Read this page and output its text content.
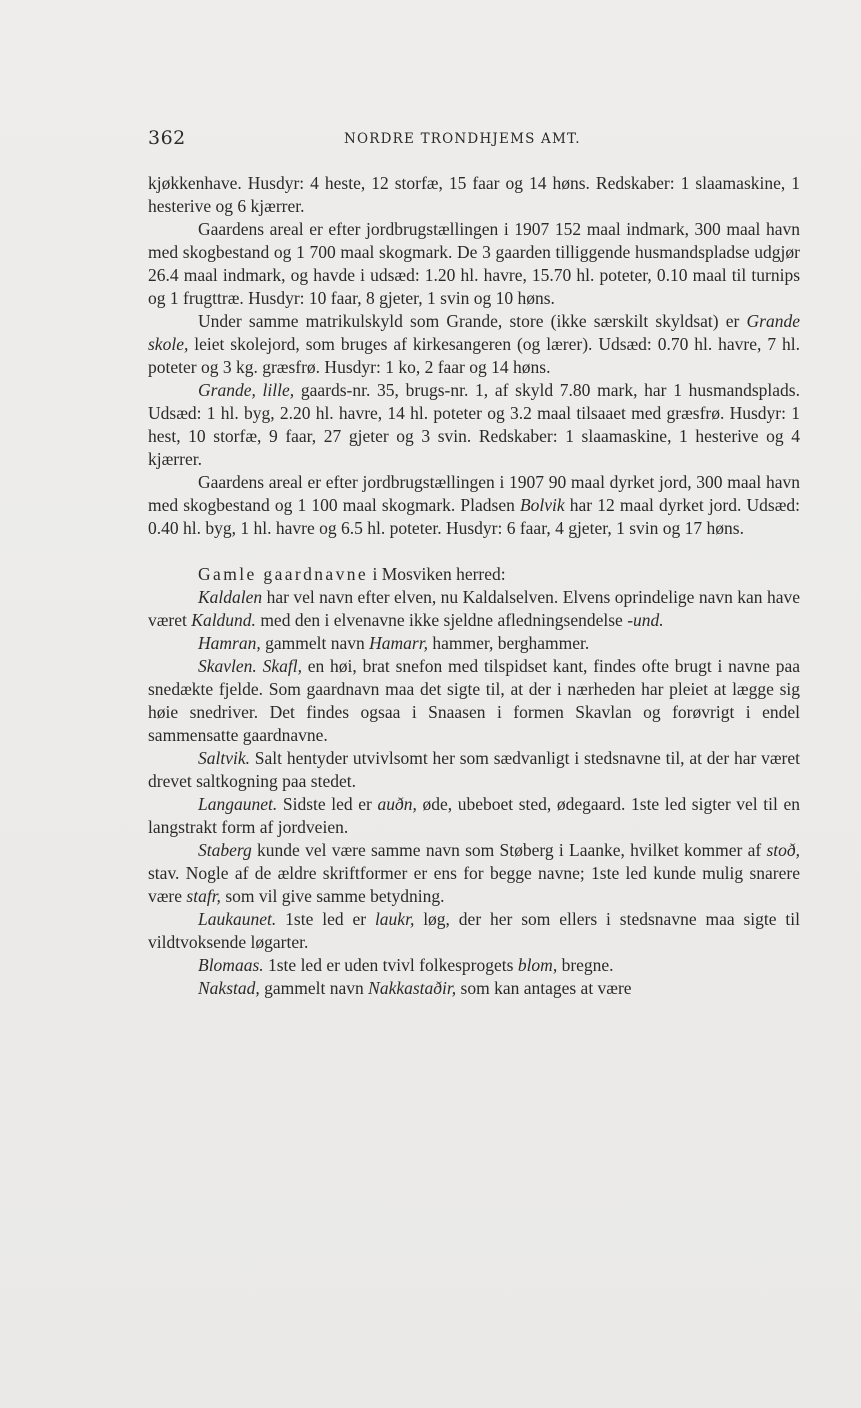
362	NORDRE TRONDHJEMS AMT.

kjøkkenhave. Husdyr: 4 heste, 12 storfæ, 15 faar og 14 høns. Redskaber: 1 slaamaskine, 1 hesterive og 6 kjærrer.

Gaardens areal er efter jordbrugstællingen i 1907 152 maal indmark, 300 maal havn med skogbestand og 1 700 maal skogmark. De 3 gaarden tilliggende husmandspladse udgjør 26.4 maal indmark, og havde i udsæd: 1.20 hl. havre, 15.70 hl. poteter, 0.10 maal til turnips og 1 frugttræ. Husdyr: 10 faar, 8 gjeter, 1 svin og 10 høns.

Under samme matrikulskyld som Grande, store (ikke særskilt skyldsat) er Grande skole, leiet skolejord, som bruges af kirkesangeren (og lærer). Udsæd: 0.70 hl. havre, 7 hl. poteter og 3 kg. græsfrø. Husdyr: 1 ko, 2 faar og 14 høns.

Grande, lille, gaards-nr. 35, brugs-nr. 1, af skyld 7.80 mark, har 1 husmandsplads. Udsæd: 1 hl. byg, 2.20 hl. havre, 14 hl. poteter og 3.2 maal tilsaaet med græsfrø. Husdyr: 1 hest, 10 storfæ, 9 faar, 27 gjeter og 3 svin. Redskaber: 1 slaamaskine, 1 hesterive og 4 kjærrer.

Gaardens areal er efter jordbrugstællingen i 1907 90 maal dyrket jord, 300 maal havn med skogbestand og 1 100 maal skogmark. Pladsen Bolvik har 12 maal dyrket jord. Udsæd: 0.40 hl. byg, 1 hl. havre og 6.5 hl. poteter. Husdyr: 6 faar, 4 gjeter, 1 svin og 17 høns.

Gamle gaardnavne i Mosviken herred:

Kaldalen har vel navn efter elven, nu Kaldalselven. Elvens oprindelige navn kan have været Kaldund. med den i elvenavne ikke sjeldne afledningsendelse -und.

Hamran, gammelt navn Hamarr, hammer, berghammer.

Skavlen. Skafl, en høi, brat snefon med tilspidset kant, findes ofte brugt i navne paa snedækte fjelde. Som gaardnavn maa det sigte til, at der i nærheden har pleiet at lægge sig høie snedriver. Det findes ogsaa i Snaasen i formen Skavlan og forøvrigt i endel sammensatte gaardnavne.

Saltvik. Salt hentyder utvivlsomt her som sædvanligt i stedsnavne til, at der har været drevet saltkogning paa stedet.

Langaunet. Sidste led er auðn, øde, ubeboet sted, ødegaard. 1ste led sigter vel til en langstrakt form af jordveien.

Staberg kunde vel være samme navn som Støberg i Laanke, hvilket kommer af stoð, stav. Nogle af de ældre skriftformer er ens for begge navne; 1ste led kunde mulig snarere være stafr, som vil give samme betydning.

Laukaunet. 1ste led er laukr, løg, der her som ellers i stedsnavne maa sigte til vildtvoksende løgarter.

Blomaas. 1ste led er uden tvivl folkesprogets blom, bregne.

Nakstad, gammelt navn Nakkastaðir, som kan antages at være
